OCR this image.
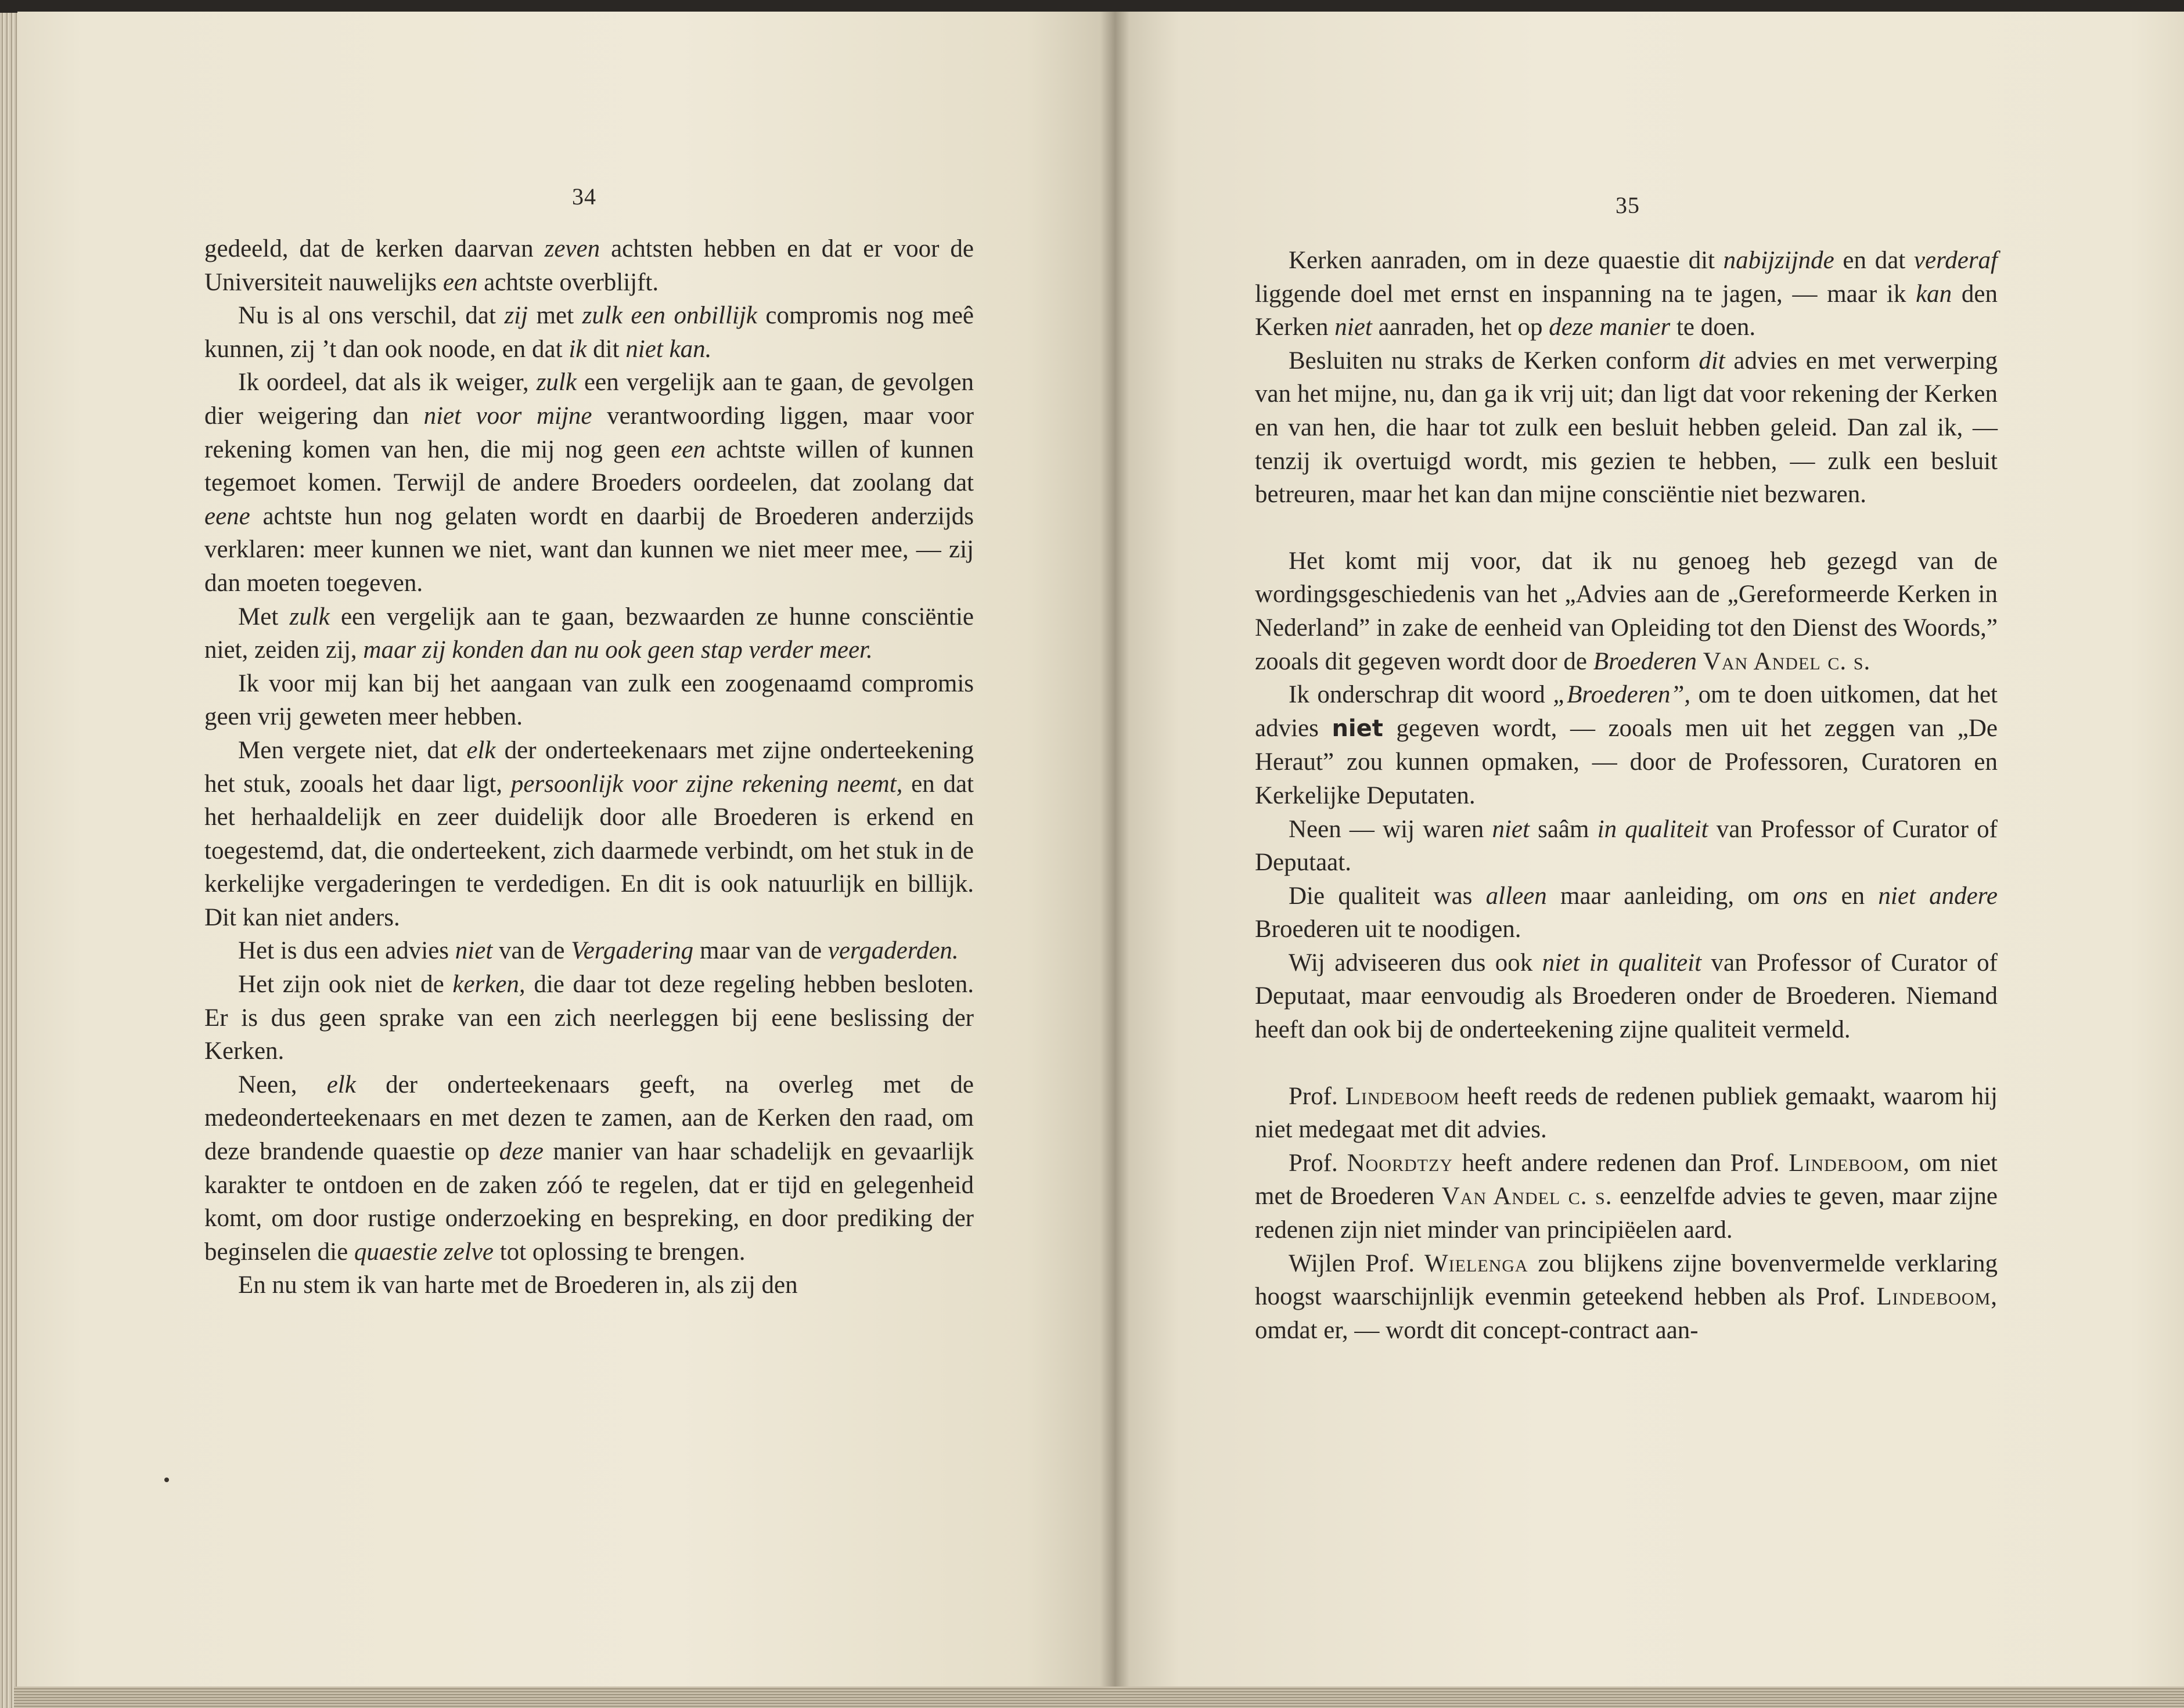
34

gedeeld, dat de kerken daarvan zeven achtsten hebben en dat er voor de Universiteit nauwelijks een achtste overblijft.

Nu is al ons verschil, dat zij met zulk een onbillijk compromis nog meê kunnen, zij ’t dan ook noode, en dat ik dit niet kan.

Ik oordeel, dat als ik weiger, zulk een vergelijk aan te gaan, de gevolgen dier weigering dan niet voor mijne verantwoording liggen, maar voor rekening komen van hen, die mij nog geen een achtste willen of kunnen tegemoet komen. Terwijl de andere Broeders oordeelen, dat zoolang dat eene achtste hun nog gelaten wordt en daarbij de Broederen anderzijds verklaren: meer kunnen we niet, want dan kunnen we niet meer mee, — zij dan moeten toegeven.

Met zulk een vergelijk aan te gaan, bezwaarden ze hunne consciëntie niet, zeiden zij, maar zij konden dan nu ook geen stap verder meer.

Ik voor mij kan bij het aangaan van zulk een zoogenaamd compromis geen vrij geweten meer hebben.

Men vergete niet, dat elk der onderteekenaars met zijne onderteekening het stuk, zooals het daar ligt, persoonlijk voor zijne rekening neemt, en dat het herhaaldelijk en zeer duidelijk door alle Broederen is erkend en toegestemd, dat, die onderteekent, zich daarmede verbindt, om het stuk in de kerkelijke vergaderingen te verdedigen. En dit is ook natuurlijk en billijk. Dit kan niet anders.

Het is dus een advies niet van de Vergadering maar van de vergaderden.

Het zijn ook niet de kerken, die daar tot deze regeling hebben besloten. Er is dus geen sprake van een zich neerleggen bij eene beslissing der Kerken.

Neen, elk der onderteekenaars geeft, na overleg met de medeonderteekenaars en met dezen te zamen, aan de Kerken den raad, om deze brandende quaestie op deze manier van haar schadelijk en gevaarlijk karakter te ontdoen en de zaken zóó te regelen, dat er tijd en gelegenheid komt, om door rustige onderzoeking en bespreking, en door prediking der beginselen die quaestie zelve tot oplossing te brengen.

En nu stem ik van harte met de Broederen in, als zij den

35

Kerken aanraden, om in deze quaestie dit nabijzijnde en dat verderaf liggende doel met ernst en inspanning na te jagen, — maar ik kan den Kerken niet aanraden, het op deze manier te doen.

Besluiten nu straks de Kerken conform dit advies en met verwerping van het mijne, nu, dan ga ik vrij uit; dan ligt dat voor rekening der Kerken en van hen, die haar tot zulk een besluit hebben geleid. Dan zal ik, — tenzij ik overtuigd wordt, mis gezien te hebben, — zulk een besluit betreuren, maar het kan dan mijne consciëntie niet bezwaren.

Het komt mij voor, dat ik nu genoeg heb gezegd van de wordingsgeschiedenis van het „Advies aan de „Gereformeerde Kerken in Nederland” in zake de eenheid van Opleiding tot den Dienst des Woords,” zooals dit gegeven wordt door de Broederen Van Andel c. s.

Ik onderschrap dit woord „Broederen”, om te doen uitkomen, dat het advies niet gegeven wordt, — zooals men uit het zeggen van „De Heraut” zou kunnen opmaken, — door de Professoren, Curatoren en Kerkelijke Deputaten.

Neen — wij waren niet saâm in qualiteit van Professor of Curator of Deputaat.

Die qualiteit was alleen maar aanleiding, om ons en niet andere Broederen uit te noodigen.

Wij adviseeren dus ook niet in qualiteit van Professor of Curator of Deputaat, maar eenvoudig als Broederen onder de Broederen. Niemand heeft dan ook bij de onderteekening zijne qualiteit vermeld.

Prof. Lindeboom heeft reeds de redenen publiek gemaakt, waarom hij niet medegaat met dit advies.

Prof. Noordtzy heeft andere redenen dan Prof. Lindeboom, om niet met de Broederen Van Andel c. s. eenzelfde advies te geven, maar zijne redenen zijn niet minder van principiëelen aard.

Wijlen Prof. Wielenga zou blijkens zijne bovenvermelde verklaring hoogst waarschijnlijk evenmin geteekend hebben als Prof. Lindeboom, omdat er, — wordt dit concept-contract aan-
